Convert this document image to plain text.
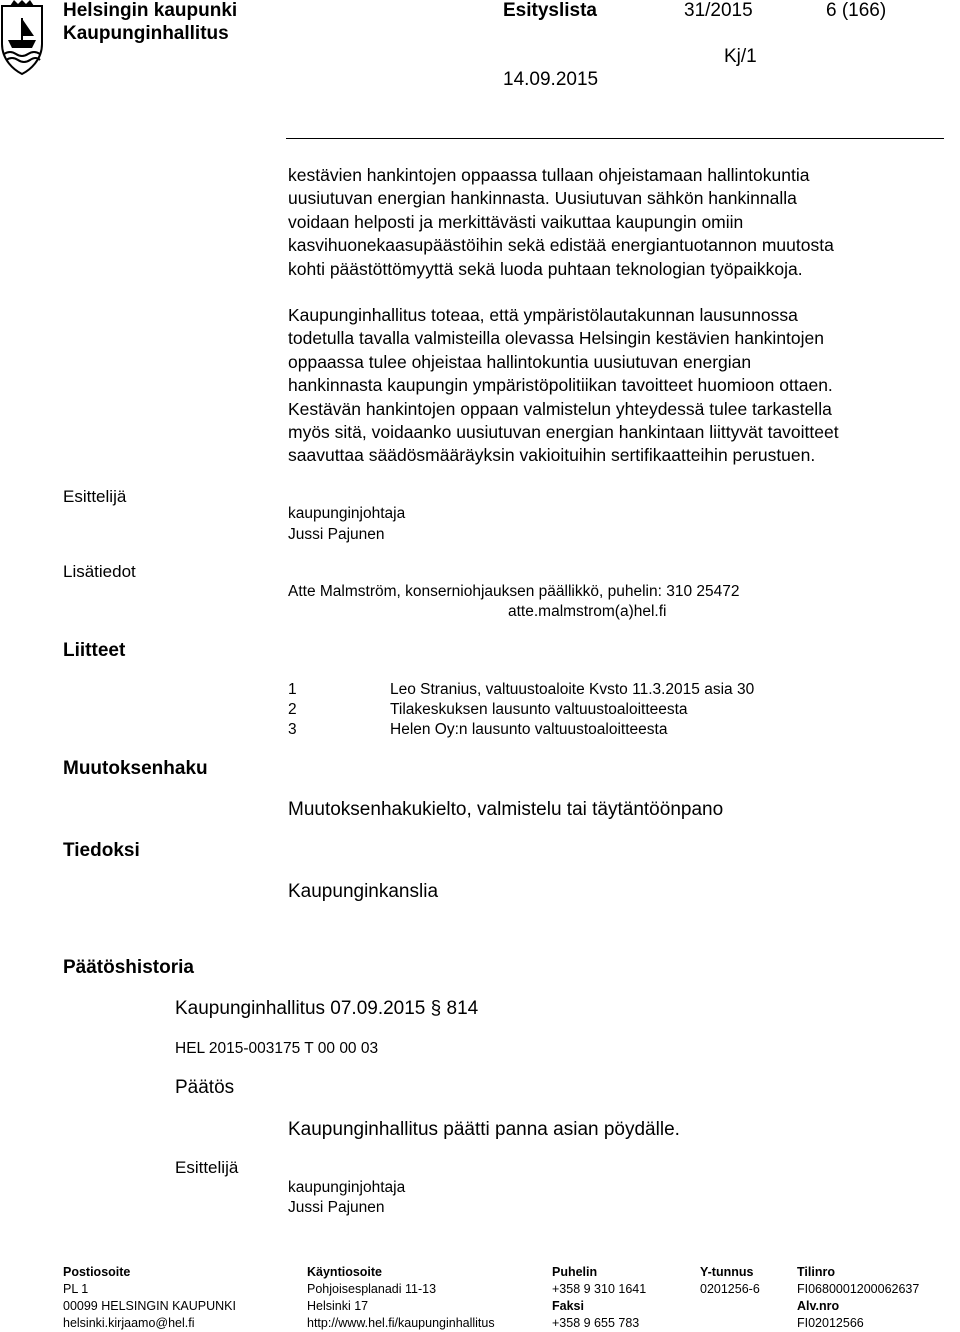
Helsingin kaupunki
Kaupunginhallitus
Esityslista	31/2015	6 (166)
Kj/1
14.09.2015
kestävien hankintojen oppaassa tullaan ohjeistamaan hallintokuntia
uusiutuvan energian hankinnasta. Uusiutuvan sähkön hankinnalla
voidaan helposti ja merkittävästi vaikuttaa kaupungin omiin
kasvihuonekaasupäästöihin sekä edistää energiantuotannon muutosta
kohti päästöttömyyttä sekä luoda puhtaan teknologian työpaikkoja.
Kaupunginhallitus toteaa, että ympäristölautakunnan lausunnossa
todetulla tavalla valmisteilla olevassa Helsingin kestävien hankintojen
oppaassa tulee ohjeistaa hallintokuntia uusiutuvan energian
hankinnasta kaupungin ympäristöpolitiikan tavoitteet huomioon ottaen.
Kestävän hankintojen oppaan valmistelun yhteydessä tulee tarkastella
myös sitä, voidaanko uusiutuvan energian hankintaan liittyvät tavoitteet
saavuttaa säädösmääräyksin vakioituihin sertifikaatteihin perustuen.
Esittelijä
kaupunginjohtaja
Jussi Pajunen
Lisätiedot
Atte Malmström, konserniohjauksen päällikkö, puhelin: 310 25472
atte.malmstrom(a)hel.fi
Liitteet
1	Leo Stranius, valtuustoaloite Kvsto 11.3.2015 asia 30
2	Tilakeskuksen lausunto valtuustoaloitteesta
3	Helen Oy:n lausunto valtuustoaloitteesta
Muutoksenhaku
Muutoksenhakukielto, valmistelu tai täytäntöönpano
Tiedoksi
Kaupunginkanslia
Päätöshistoria
Kaupunginhallitus 07.09.2015 § 814
HEL 2015-003175 T 00 00 03
Päätös
Kaupunginhallitus päätti panna asian pöydälle.
Esittelijä
kaupunginjohtaja
Jussi Pajunen
Postiosoite
PL 1
00099 HELSINGIN KAUPUNKI
helsinki.kirjaamo@hel.fi
Käyntiosoite
Pohjoisesplanadi 11-13
Helsinki 17
http://www.hel.fi/kaupunginhallitus
Puhelin
+358 9 310 1641
Faksi
+358 9 655 783
Y-tunnus
0201256-6
Tilinro
FI0680001200062637
Alv.nro
FI02012566
